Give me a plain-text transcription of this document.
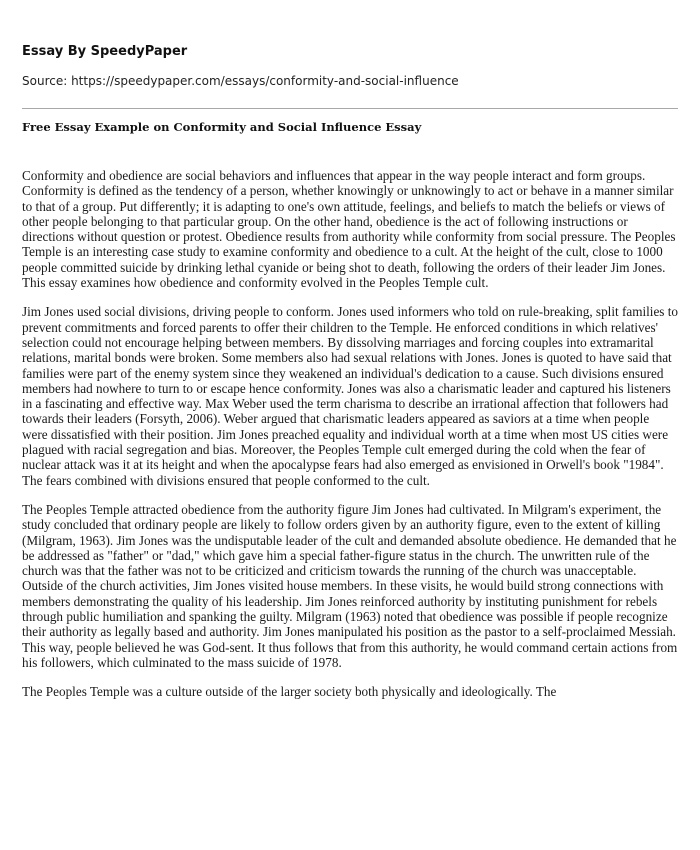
Essay By SpeedyPaper
Source: https://speedypaper.com/essays/conformity-and-social-influence
Free Essay Example on Conformity and Social Influence Essay

Conformity and obedience are social behaviors and influences that appear in the way people interact and form groups. Conformity is defined as the tendency of a person, whether knowingly or unknowingly to act or behave in a manner similar to that of a group. Put differently; it is adapting to one's own attitude, feelings, and beliefs to match the beliefs or views of other people belonging to that particular group. On the other hand, obedience is the act of following instructions or directions without question or protest. Obedience results from authority while conformity from social pressure. The Peoples Temple is an interesting case study to examine conformity and obedience to a cult. At the height of the cult, close to 1000 people committed suicide by drinking lethal cyanide or being shot to death, following the orders of their leader Jim Jones. This essay examines how obedience and conformity evolved in the Peoples Temple cult.

Jim Jones used social divisions, driving people to conform. Jones used informers who told on rule-breaking, split families to prevent commitments and forced parents to offer their children to the Temple. He enforced conditions in which relatives' selection could not encourage helping between members. By dissolving marriages and forcing couples into extramarital relations, marital bonds were broken. Some members also had sexual relations with Jones. Jones is quoted to have said that families were part of the enemy system since they weakened an individual's dedication to a cause. Such divisions ensured members had nowhere to turn to or escape hence conformity. Jones was also a charismatic leader and captured his listeners in a fascinating and effective way. Max Weber used the term charisma to describe an irrational affection that followers had towards their leaders (Forsyth, 2006). Weber argued that charismatic leaders appeared as saviors at a time when people were dissatisfied with their position. Jim Jones preached equality and individual worth at a time when most US cities were plagued with racial segregation and bias. Moreover, the Peoples Temple cult emerged during the cold when the fear of nuclear attack was it at its height and when the apocalypse fears had also emerged as envisioned in Orwell's book "1984". The fears combined with divisions ensured that people conformed to the cult.

The Peoples Temple attracted obedience from the authority figure Jim Jones had cultivated. In Milgram's experiment, the study concluded that ordinary people are likely to follow orders given by an authority figure, even to the extent of killing (Milgram, 1963). Jim Jones was the undisputable leader of the cult and demanded absolute obedience. He demanded that he be addressed as "father" or "dad," which gave him a special father-figure status in the church. The unwritten rule of the church was that the father was not to be criticized and criticism towards the running of the church was unacceptable. Outside of the church activities, Jim Jones visited house members. In these visits, he would build strong connections with members demonstrating the quality of his leadership. Jim Jones reinforced authority by instituting punishment for rebels through public humiliation and spanking the guilty. Milgram (1963) noted that obedience was possible if people recognize their authority as legally based and authority. Jim Jones manipulated his position as the pastor to a self-proclaimed Messiah. This way, people believed he was God-sent. It thus follows that from this authority, he would command certain actions from his followers, which culminated to the mass suicide of 1978.

The Peoples Temple was a culture outside of the larger society both physically and ideologically. The
